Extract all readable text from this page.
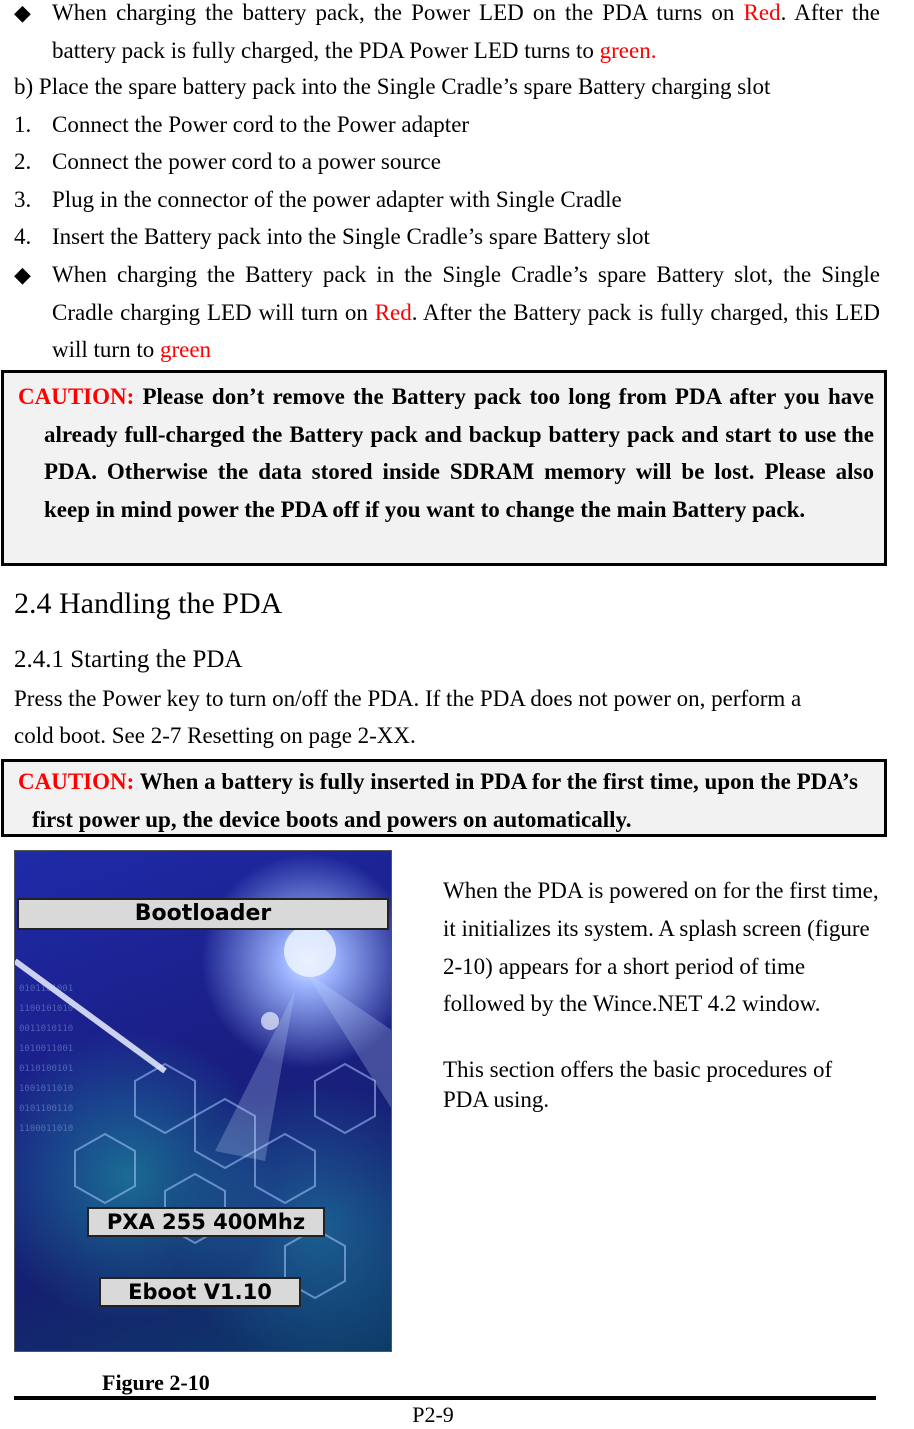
◆ When charging the battery pack, the Power LED on the PDA turns on Red. After the battery pack is fully charged, the PDA Power LED turns to green.
b) Place the spare battery pack into the Single Cradle’s spare Battery charging slot
1. Connect the Power cord to the Power adapter
2. Connect the power cord to a power source
3. Plug in the connector of the power adapter with Single Cradle
4. Insert the Battery pack into the Single Cradle’s spare Battery slot
◆ When charging the Battery pack in the Single Cradle’s spare Battery slot, the Single Cradle charging LED will turn on Red. After the Battery pack is fully charged, this LED will turn to green
CAUTION: Please don’t remove the Battery pack too long from PDA after you have already full-charged the Battery pack and backup battery pack and start to use the PDA. Otherwise the data stored inside SDRAM memory will be lost. Please also keep in mind power the PDA off if you want to change the main Battery pack.
2.4 Handling the PDA
2.4.1 Starting the PDA
Press the Power key to turn on/off the PDA. If the PDA does not power on, perform a
cold boot. See 2-7 Resetting on page 2-XX.
CAUTION: When a battery is fully inserted in PDA for the first time, upon the PDA’s first power up, the device boots and powers on automatically.
0101101001
1100101010
0011010110
1010011001
0110100101
1001011010
0101100110
1100011010
Bootloader
PXA 255 400Mhz
Eboot V1.10
When the PDA is powered on for the first time,
it initializes its system. A splash screen (figure
2-10) appears for a short period of time
followed by the Wince.NET 4.2 window.
This section offers the basic procedures of
PDA using.
Figure 2-10
P2-9
